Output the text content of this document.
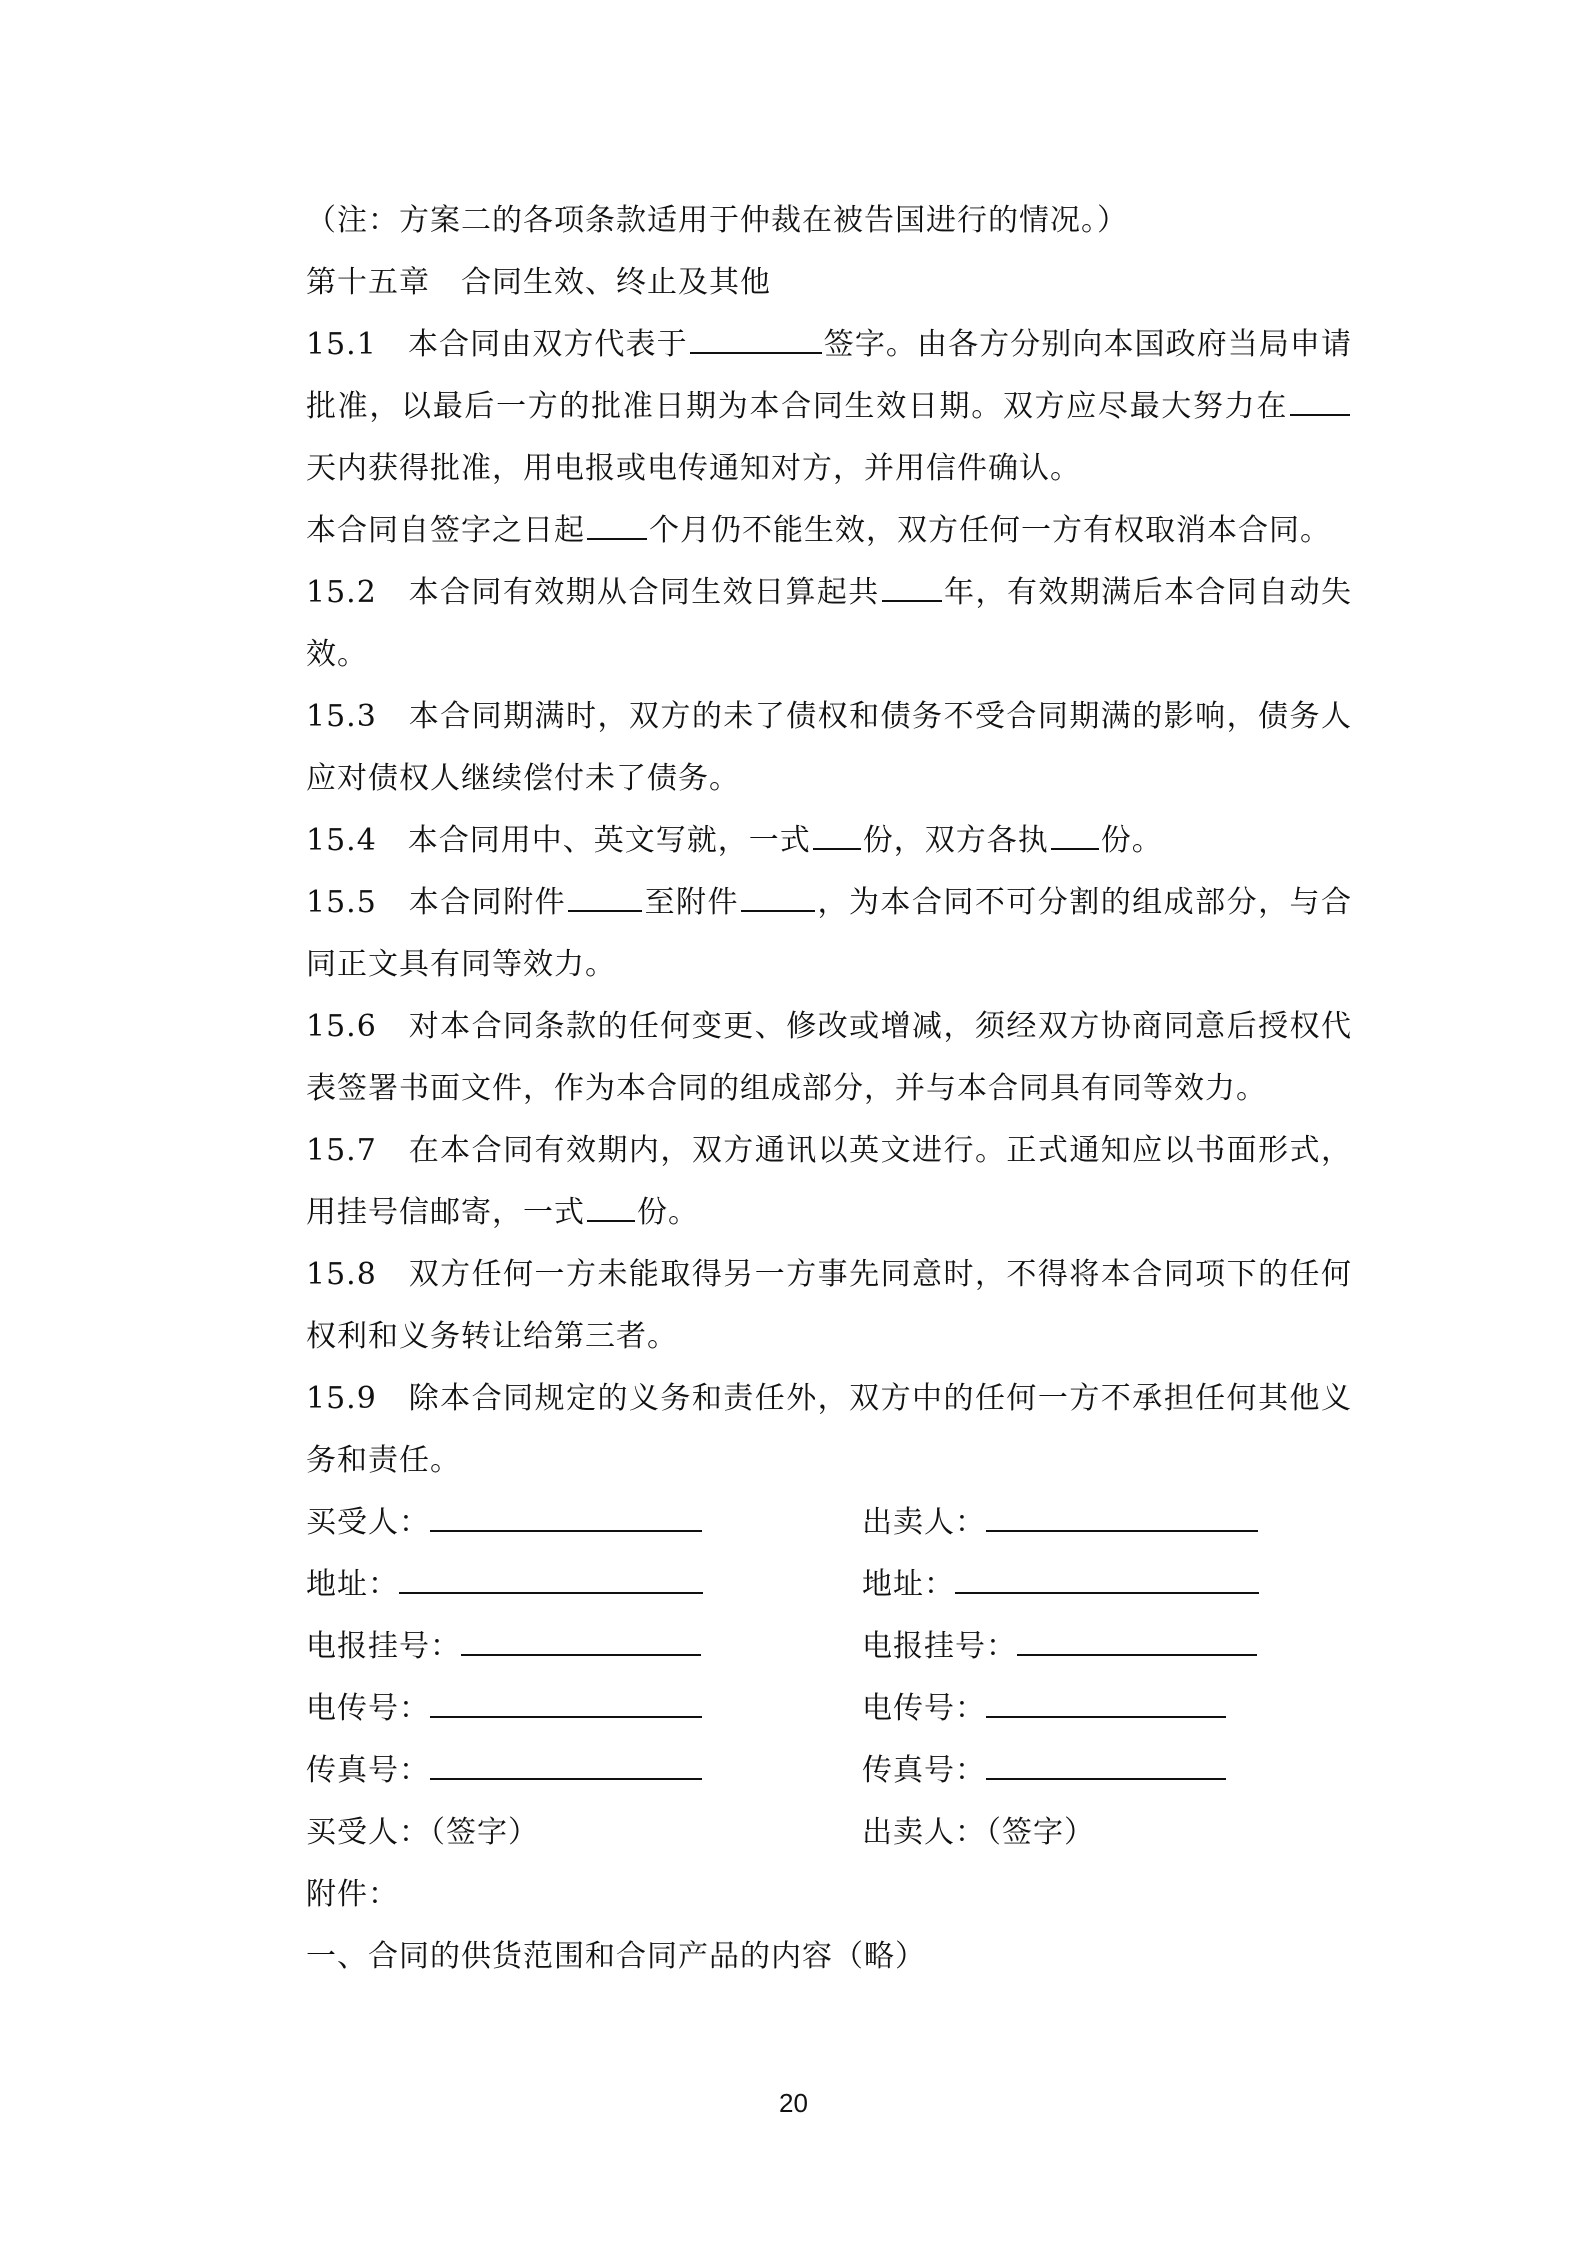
（注：方案二的各项条款适用于仲裁在被告国进行的情况。）

第十五章　合同生效、终止及其他

15.1　本合同由双方代表于	签字。由各方分别向本国政府当局申请批准，以最后一方的批准日期为本合同生效日期。双方应尽最大努力在天内获得批准，用电报或电传通知对方，并用信件确认。

本合同自签字之日起 个月仍不能生效，双方任何一方有权取消本合同。

15.2　本合同有效期从合同生效日算起共 年，有效期满后本合同自动失效。

15.3　本合同期满时，双方的未了债权和债务不受合同期满的影响，债务人应对债权人继续偿付未了债务。

15.4　本合同用中、英文写就，一式 份，双方各执 份。

15.5　本合同附件	至附件	，为本合同不可分割的组成部分，与合同正文具有同等效力。

15.6　对本合同条款的任何变更、修改或增减，须经双方协商同意后授权代表签署书面文件，作为本合同的组成部分，并与本合同具有同等效力。

15.7　在本合同有效期内，双方通讯以英文进行。正式通知应以书面形式，用挂号信邮寄，一式 份。

15.8　双方任何一方未能取得另一方事先同意时，不得将本合同项下的任何权利和义务转让给第三者。

15.9　除本合同规定的义务和责任外，双方中的任何一方不承担任何其他义务和责任。

买受人：	出卖人：
地址：	地址：
电报挂号：	电报挂号：
电传号：	电传号：
传真号：	传真号：
买受人：（签字）	出卖人：（签字）

附件：

一、合同的供货范围和合同产品的内容（略）

20
